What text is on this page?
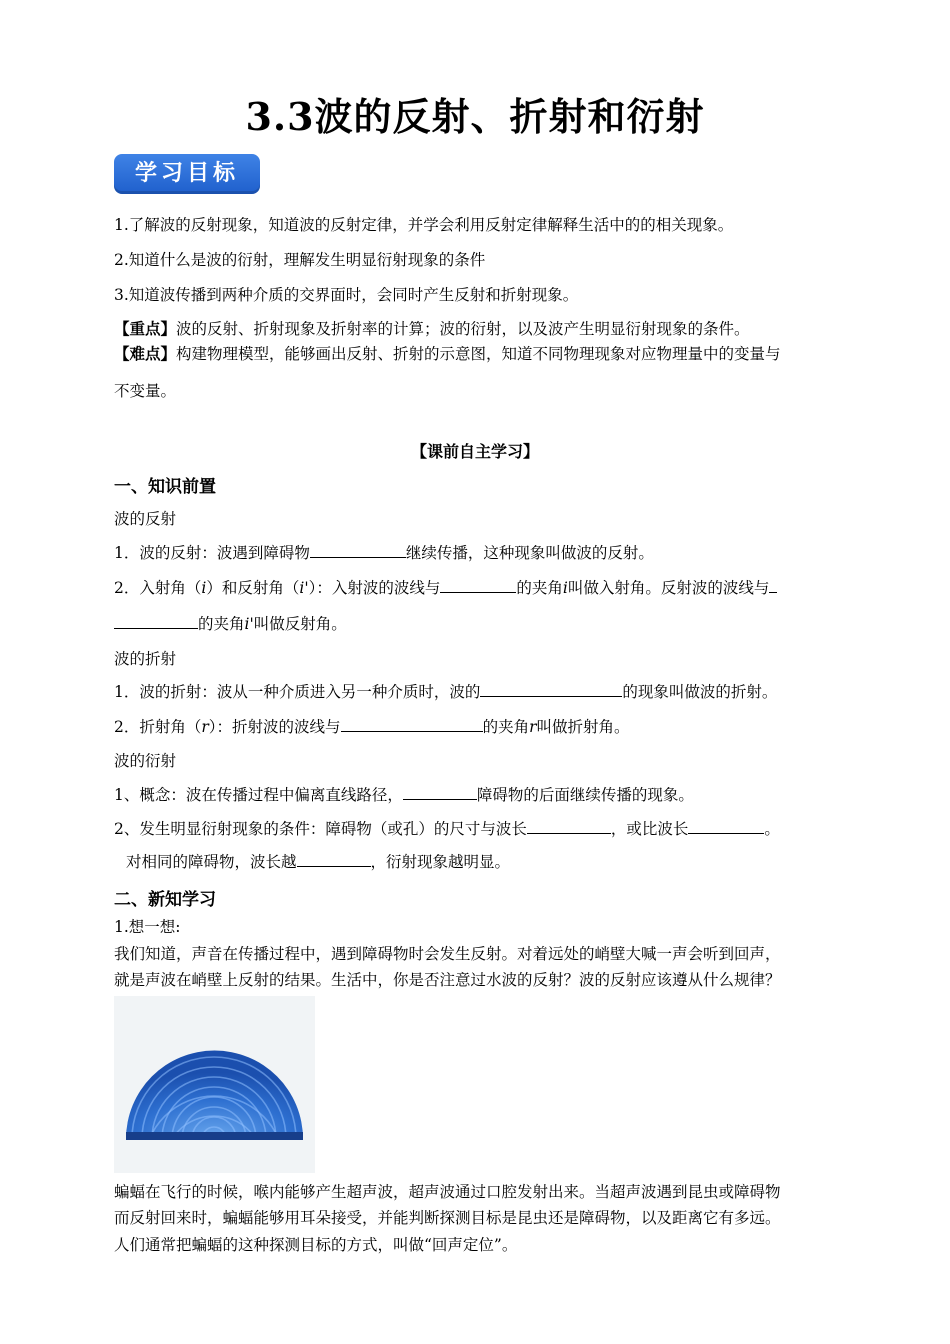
3.3波的反射、折射和衍射
学习目标
1.了解波的反射现象，知道波的反射定律，并学会利用反射定律解释生活中的的相关现象。
2.知道什么是波的衍射，理解发生明显衍射现象的条件
3.知道波传播到两种介质的交界面时，会同时产生反射和折射现象。
【重点】波的反射、折射现象及折射率的计算；波的衍射，以及波产生明显衍射现象的条件。
【难点】构建物理模型，能够画出反射、折射的示意图，知道不同物理现象对应物理量中的变量与
不变量。
【课前自主学习】
一、知识前置
波的反射
1．波的反射：波遇到障碍物	继续传播，这种现象叫做波的反射。
2．入射角（i）和反射角（i'）：入射波的波线与	的夹角i叫做入射角。反射波的波线与
的夹角i'叫做反射角。
波的折射
1．波的折射：波从一种介质进入另一种介质时，波的	的现象叫做波的折射。
2．折射角（r）：折射波的波线与	的夹角r叫做折射角。
波的衍射
1、概念：波在传播过程中偏离直线路径，	障碍物的后面继续传播的现象。
2、发生明显衍射现象的条件：障碍物（或孔）的尺寸与波长	，或比波长	。
对相同的障碍物，波长越	，衍射现象越明显。
二、新知学习
1.想一想:
我们知道，声音在传播过程中，遇到障碍物时会发生反射。对着远处的峭壁大喊一声会听到回声，
就是声波在峭壁上反射的结果。生活中，你是否注意过水波的反射？波的反射应该遵从什么规律？
蝙蝠在飞行的时候，喉内能够产生超声波，超声波通过口腔发射出来。当超声波遇到昆虫或障碍物
而反射回来时，蝙蝠能够用耳朵接受，并能判断探测目标是昆虫还是障碍物，以及距离它有多远。
人们通常把蝙蝠的这种探测目标的方式，叫做“回声定位”。
